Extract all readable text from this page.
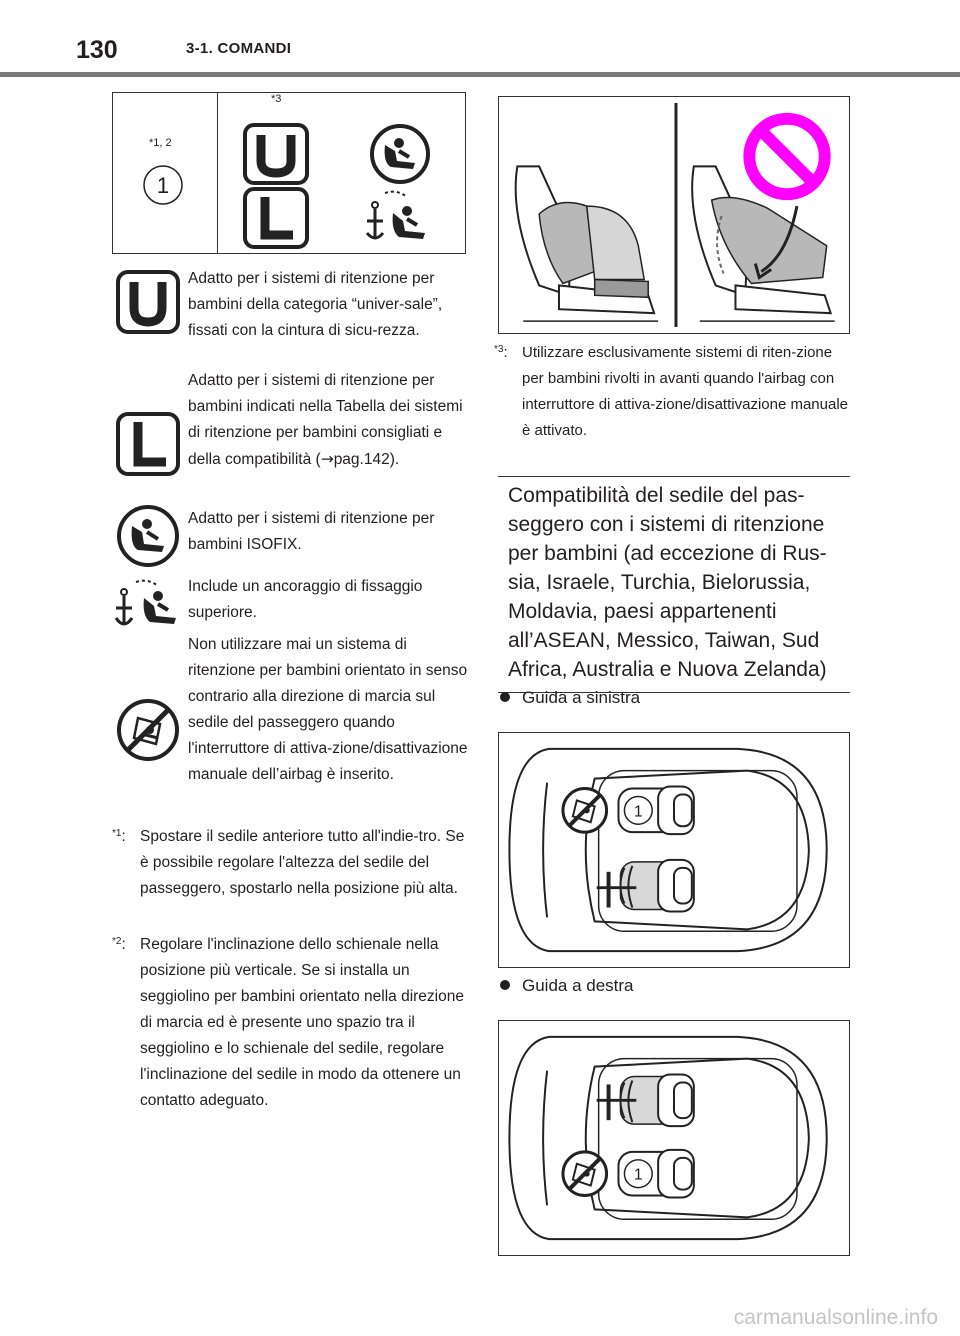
130	3-1. COMANDI
*1, 2
1
*3
Adatto per i sistemi di ritenzione per bambini della categoria “univer-sale”, fissati con la cintura di sicu-rezza.
Adatto per i sistemi di ritenzione per bambini indicati nella Tabella dei sistemi di ritenzione per bambini consigliati e della compatibilità (→pag.142).
Adatto per i sistemi di ritenzione per bambini ISOFIX.
Include un ancoraggio di fissaggio superiore.
Non utilizzare mai un sistema di ritenzione per bambini orientato in senso contrario alla direzione di marcia sul sedile del passeggero quando l'interruttore di attiva-zione/disattivazione manuale dell’airbag è inserito.
$^{*1}$: Spostare il sedile anteriore tutto all'indie-tro. Se è possibile regolare l'altezza del sedile del passeggero, spostarlo nella posizione più alta.
$^{*2}$: Regolare l'inclinazione dello schienale nella posizione più verticale. Se si installa un seggiolino per bambini orientato nella direzione di marcia ed è presente uno spazio tra il seggiolino e lo schienale del sedile, regolare l'inclinazione del sedile in modo da ottenere un contatto adeguato.
$^{*3}$: Utilizzare esclusivamente sistemi di riten-zione per bambini rivolti in avanti quando l'airbag con interruttore di attiva-zione/disattivazione manuale è attivato.
Compatibilità del sedile del pas-seggero con i sistemi di ritenzione per bambini (ad eccezione di Rus-sia, Israele, Turchia, Bielorussia, Moldavia, paesi appartenenti all’ASEAN, Messico, Taiwan, Sud Africa, Australia e Nuova Zelanda)
Guida a sinistra
1
Guida a destra
1
carmanualsonline.info
